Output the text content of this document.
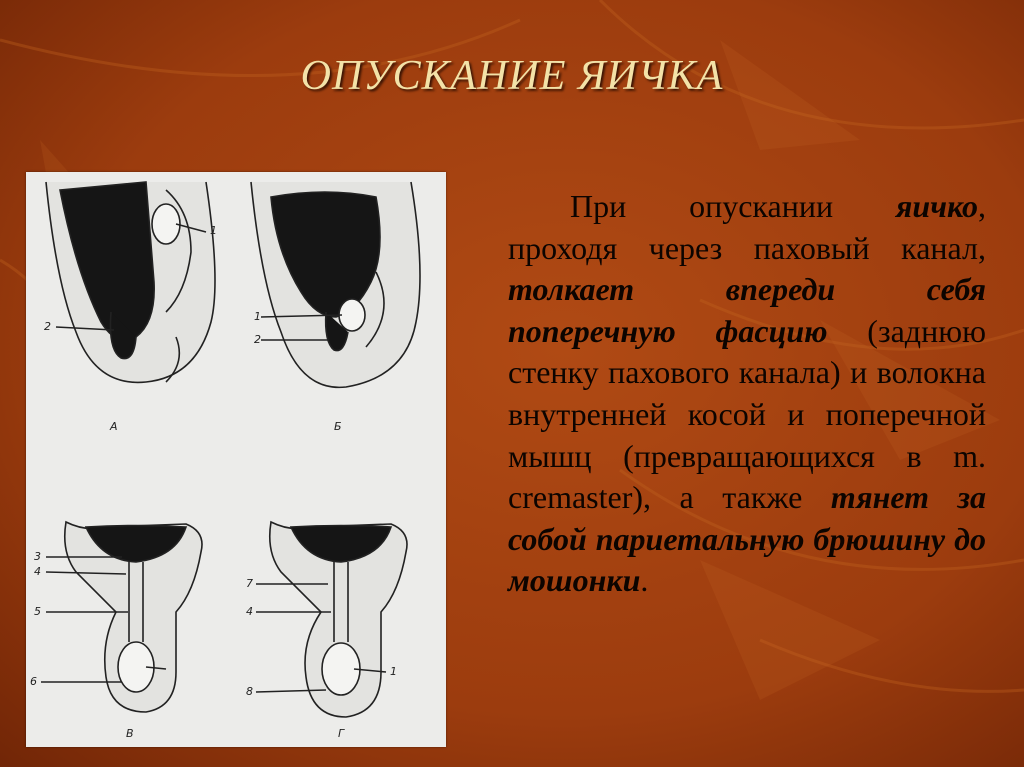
ОПУСКАНИЕ ЯИЧКА
1
2
А
1
2
Б
3
4
5
6
В
7
4
8
1
Г
При опускании яичко, проходя через паховый канал, толкает впереди себя поперечную фасцию (заднюю стенку пахового канала) и волокна внутренней косой и поперечной мышц (превращающихся в m. cremaster), а также тянет за собой париетальную брюшину до мошонки.
